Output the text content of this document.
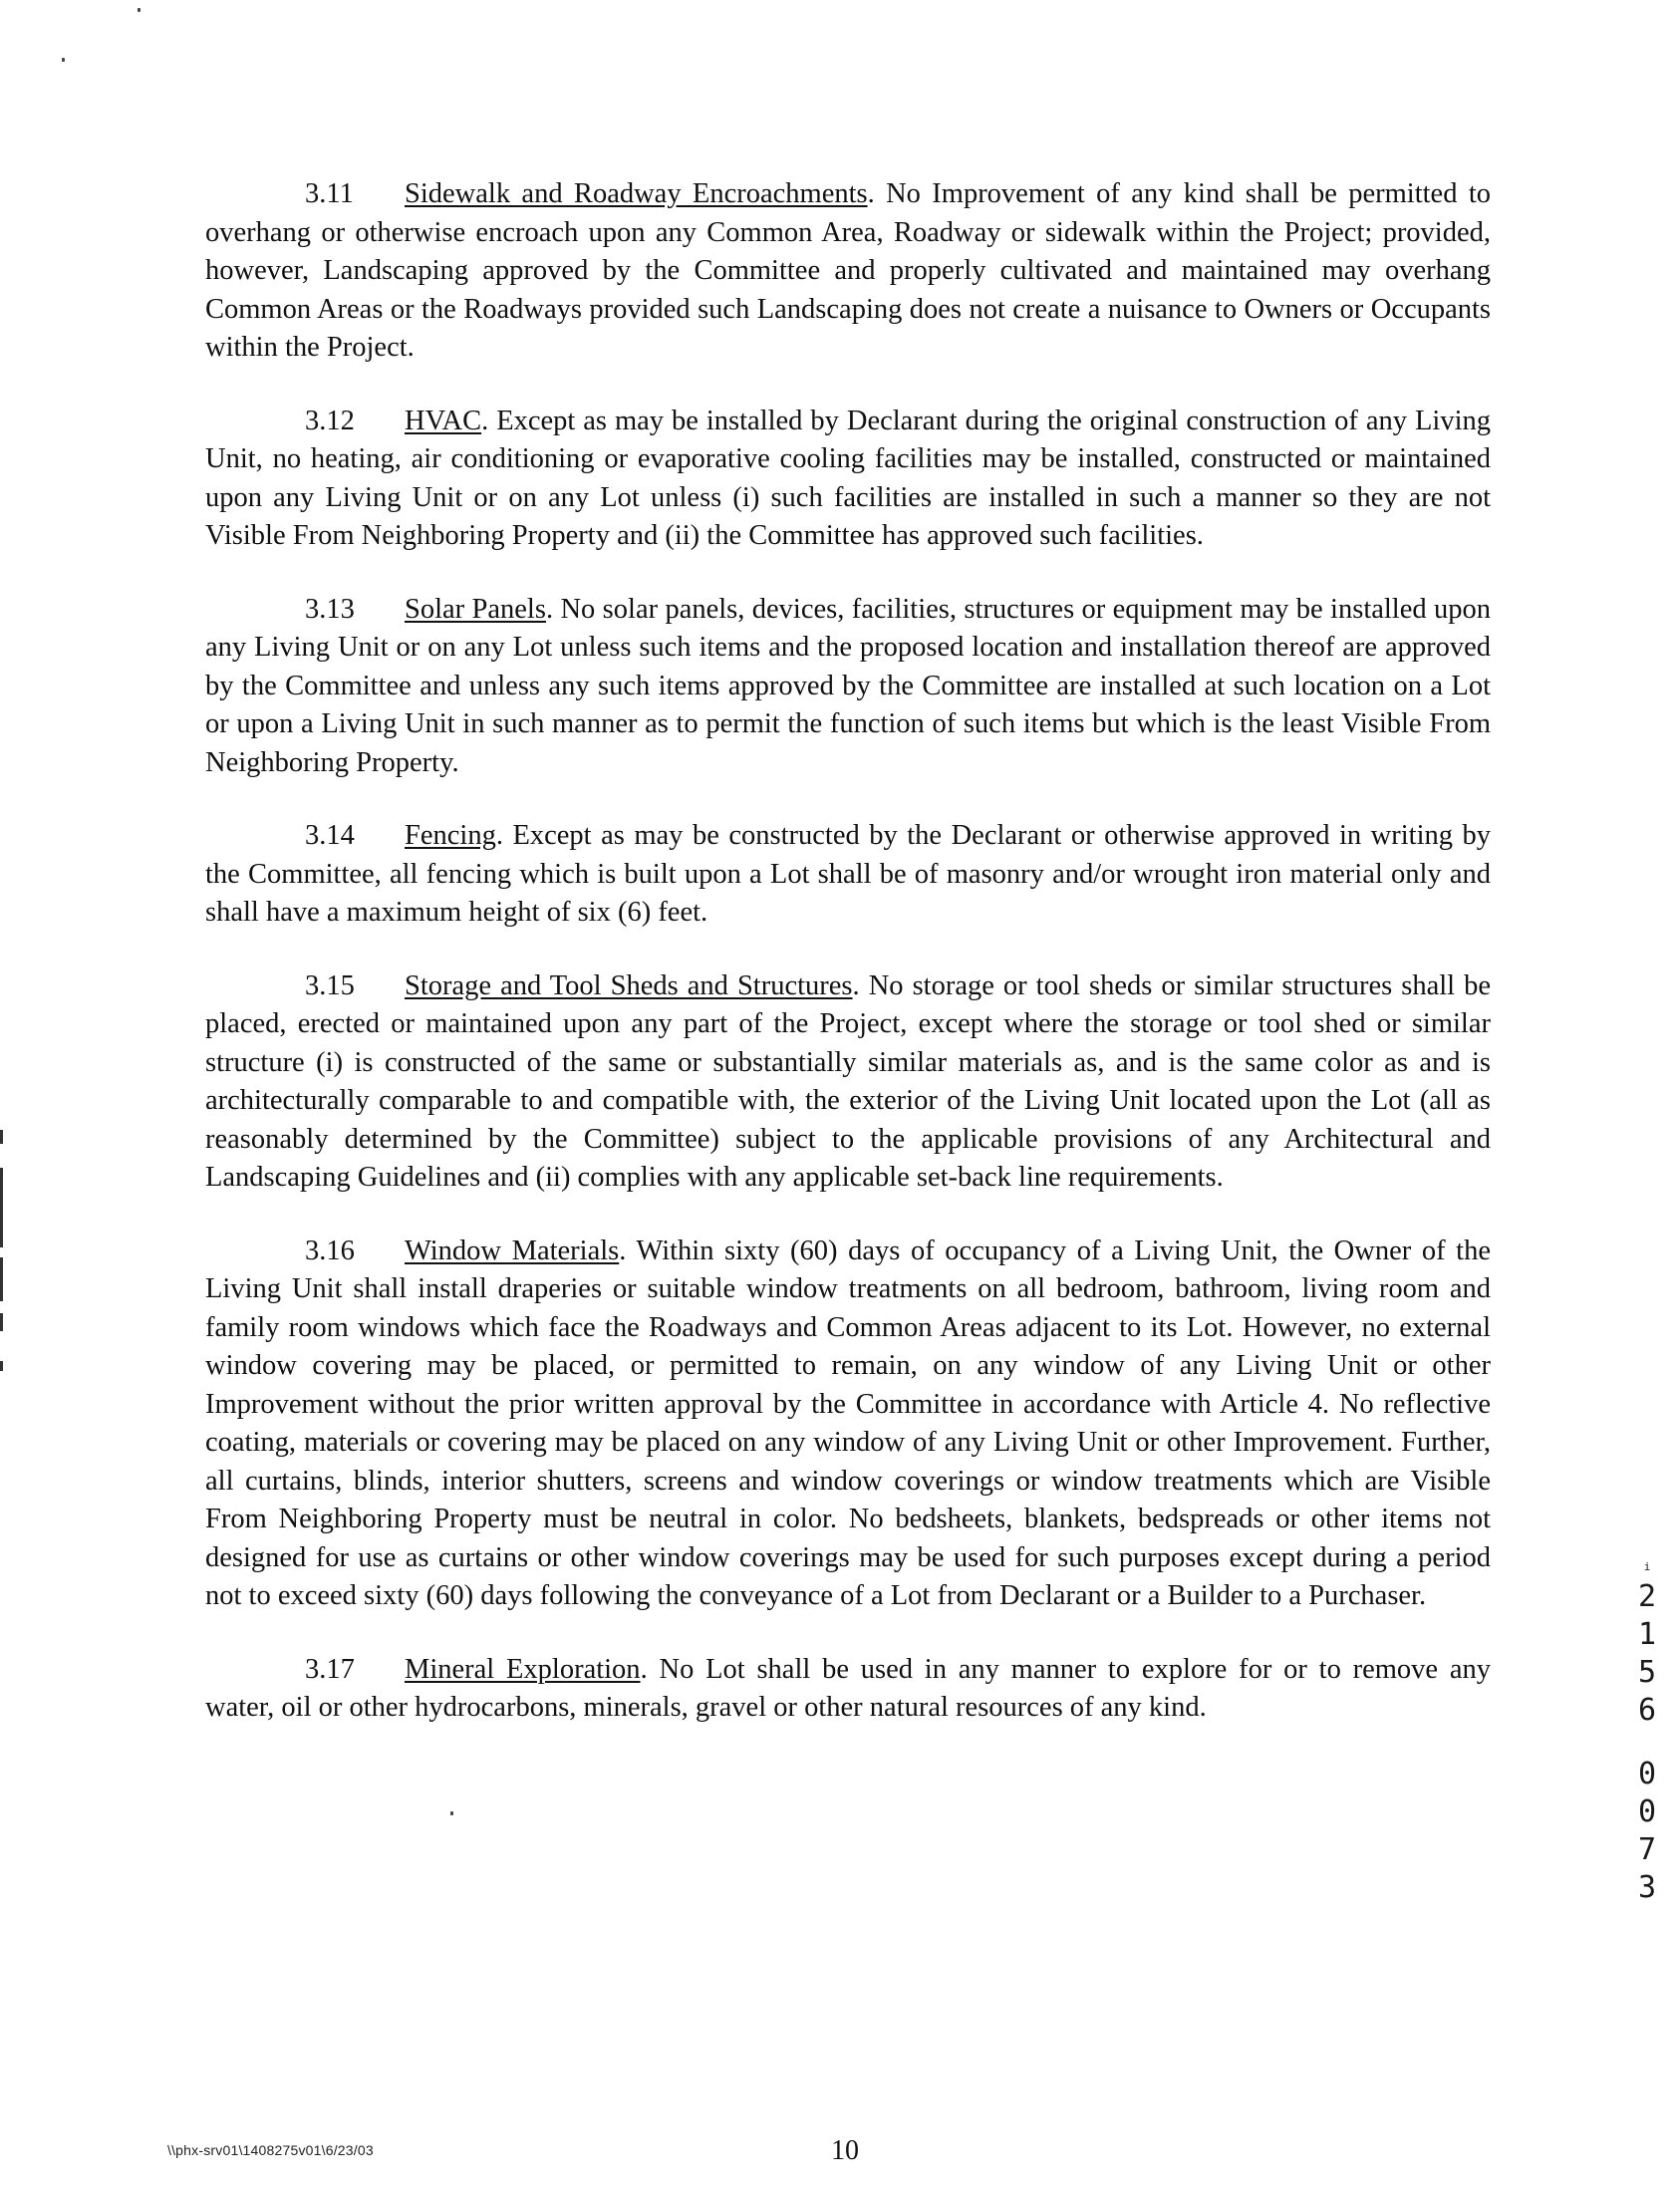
3.11 Sidewalk and Roadway Encroachments. No Improvement of any kind shall be permitted to overhang or otherwise encroach upon any Common Area, Roadway or sidewalk within the Project; provided, however, Landscaping approved by the Committee and properly cultivated and maintained may overhang Common Areas or the Roadways provided such Landscaping does not create a nuisance to Owners or Occupants within the Project.

3.12 HVAC. Except as may be installed by Declarant during the original construction of any Living Unit, no heating, air conditioning or evaporative cooling facilities may be installed, constructed or maintained upon any Living Unit or on any Lot unless (i) such facilities are installed in such a manner so they are not Visible From Neighboring Property and (ii) the Committee has approved such facilities.

3.13 Solar Panels. No solar panels, devices, facilities, structures or equipment may be installed upon any Living Unit or on any Lot unless such items and the proposed location and installation thereof are approved by the Committee and unless any such items approved by the Committee are installed at such location on a Lot or upon a Living Unit in such manner as to permit the function of such items but which is the least Visible From Neighboring Property.

3.14 Fencing. Except as may be constructed by the Declarant or otherwise approved in writing by the Committee, all fencing which is built upon a Lot shall be of masonry and/or wrought iron material only and shall have a maximum height of six (6) feet.

3.15 Storage and Tool Sheds and Structures. No storage or tool sheds or similar structures shall be placed, erected or maintained upon any part of the Project, except where the storage or tool shed or similar structure (i) is constructed of the same or substantially similar materials as, and is the same color as and is architecturally comparable to and compatible with, the exterior of the Living Unit located upon the Lot (all as reasonably determined by the Committee) subject to the applicable provisions of any Architectural and Landscaping Guidelines and (ii) complies with any applicable set-back line requirements.

3.16 Window Materials. Within sixty (60) days of occupancy of a Living Unit, the Owner of the Living Unit shall install draperies or suitable window treatments on all bedroom, bathroom, living room and family room windows which face the Roadways and Common Areas adjacent to its Lot. However, no external window covering may be placed, or permitted to remain, on any window of any Living Unit or other Improvement without the prior written approval by the Committee in accordance with Article 4. No reflective coating, materials or covering may be placed on any window of any Living Unit or other Improvement. Further, all curtains, blinds, interior shutters, screens and window coverings or window treatments which are Visible From Neighboring Property must be neutral in color. No bedsheets, blankets, bedspreads or other items not designed for use as curtains or other window coverings may be used for such purposes except during a period not to exceed sixty (60) days following the conveyance of a Lot from Declarant or a Builder to a Purchaser.

3.17 Mineral Exploration. No Lot shall be used in any manner to explore for or to remove any water, oil or other hydrocarbons, minerals, gravel or other natural resources of any kind.

\\phx-srv01\1408275v01\6/23/03	10
i
2
1
5
6
0
0
7
3
